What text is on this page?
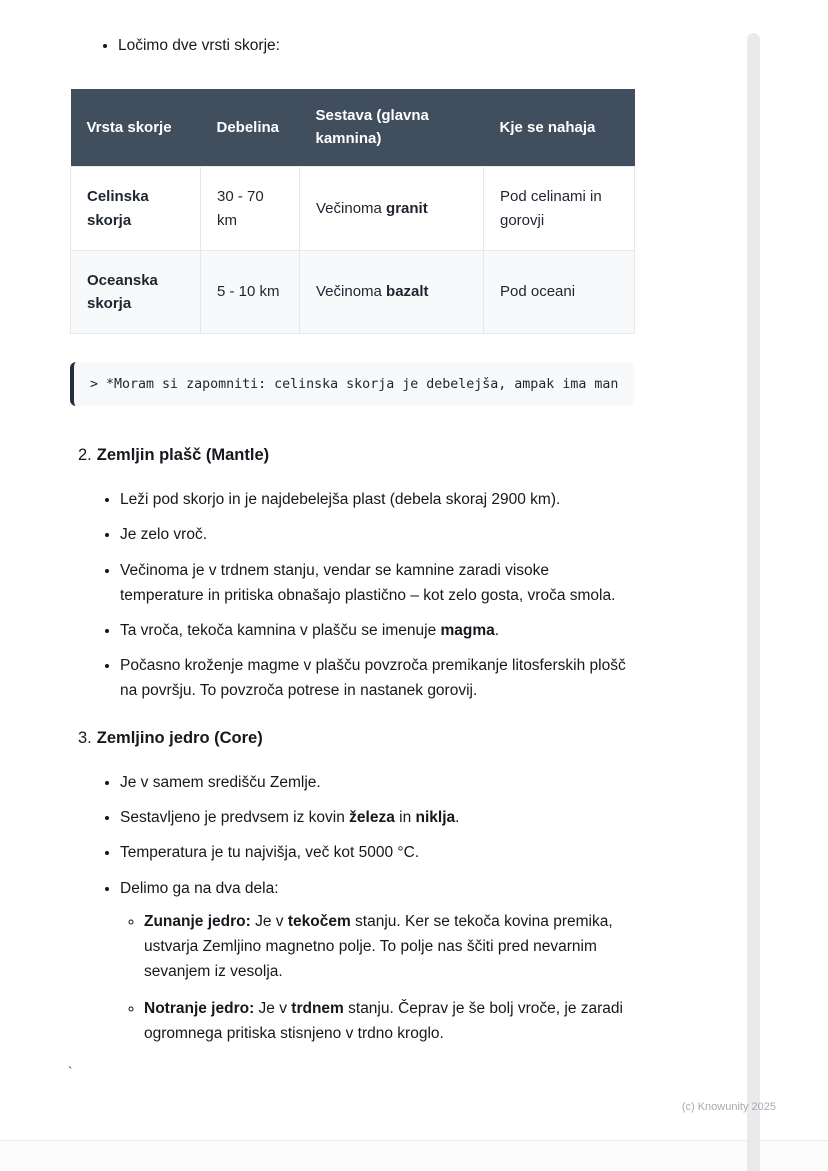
• Ločimo dve vrsti skorje:
Vrsta skorje	Debelina	Sestava (glavna kamnina)	Kje se nahaja
Celinska skorja	30 - 70 km	Večinoma granit	Pod celinami in gorovji
Oceanska skorja	5 - 10 km	Večinoma bazalt	Pod oceani
> *Moram si zapomniti: celinska skorja je debelejša, ampak ima man
2. Zemljin plašč (Mantle)
• Leži pod skorjo in je najdebelejša plast (debela skoraj 2900 km).
• Je zelo vroč.
• Večinoma je v trdnem stanju, vendar se kamnine zaradi visoke temperature in pritiska obnašajo plastično – kot zelo gosta, vroča smola.
• Ta vroča, tekoča kamnina v plašču se imenuje magma.
• Počasno kroženje magme v plašču povzroča premikanje litosferskih plošč na površju. To povzroča potrese in nastanek gorovij.
3. Zemljino jedro (Core)
• Je v samem središču Zemlje.
• Sestavljeno je predvsem iz kovin železa in niklja.
• Temperatura je tu najvišja, več kot 5000 °C.
• Delimo ga na dva dela:
◦ Zunanje jedro: Je v tekočem stanju. Ker se tekoča kovina premika, ustvarja Zemljino magnetno polje. To polje nas ščiti pred nevarnim sevanjem iz vesolja.
◦ Notranje jedro: Je v trdnem stanju. Čeprav je še bolj vroče, je zaradi ogromnega pritiska stisnjeno v trdno kroglo.
`
(c) Knowunity 2025
